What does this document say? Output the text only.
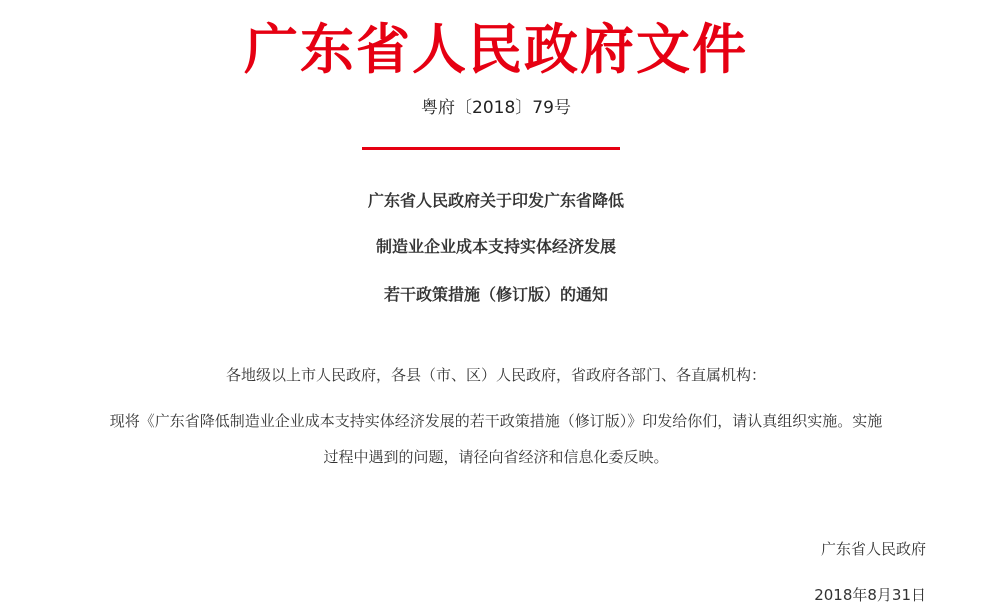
广东省人民政府文件
粤府〔2018〕79号
广东省人民政府关于印发广东省降低
制造业企业成本支持实体经济发展
若干政策措施（修订版）的通知
各地级以上市人民政府，各县（市、区）人民政府，省政府各部门、各直属机构：
现将《广东省降低制造业企业成本支持实体经济发展的若干政策措施（修订版）》印发给你们，请认真组织实施。实施
过程中遇到的问题，请径向省经济和信息化委反映。
广东省人民政府
2018年8月31日
